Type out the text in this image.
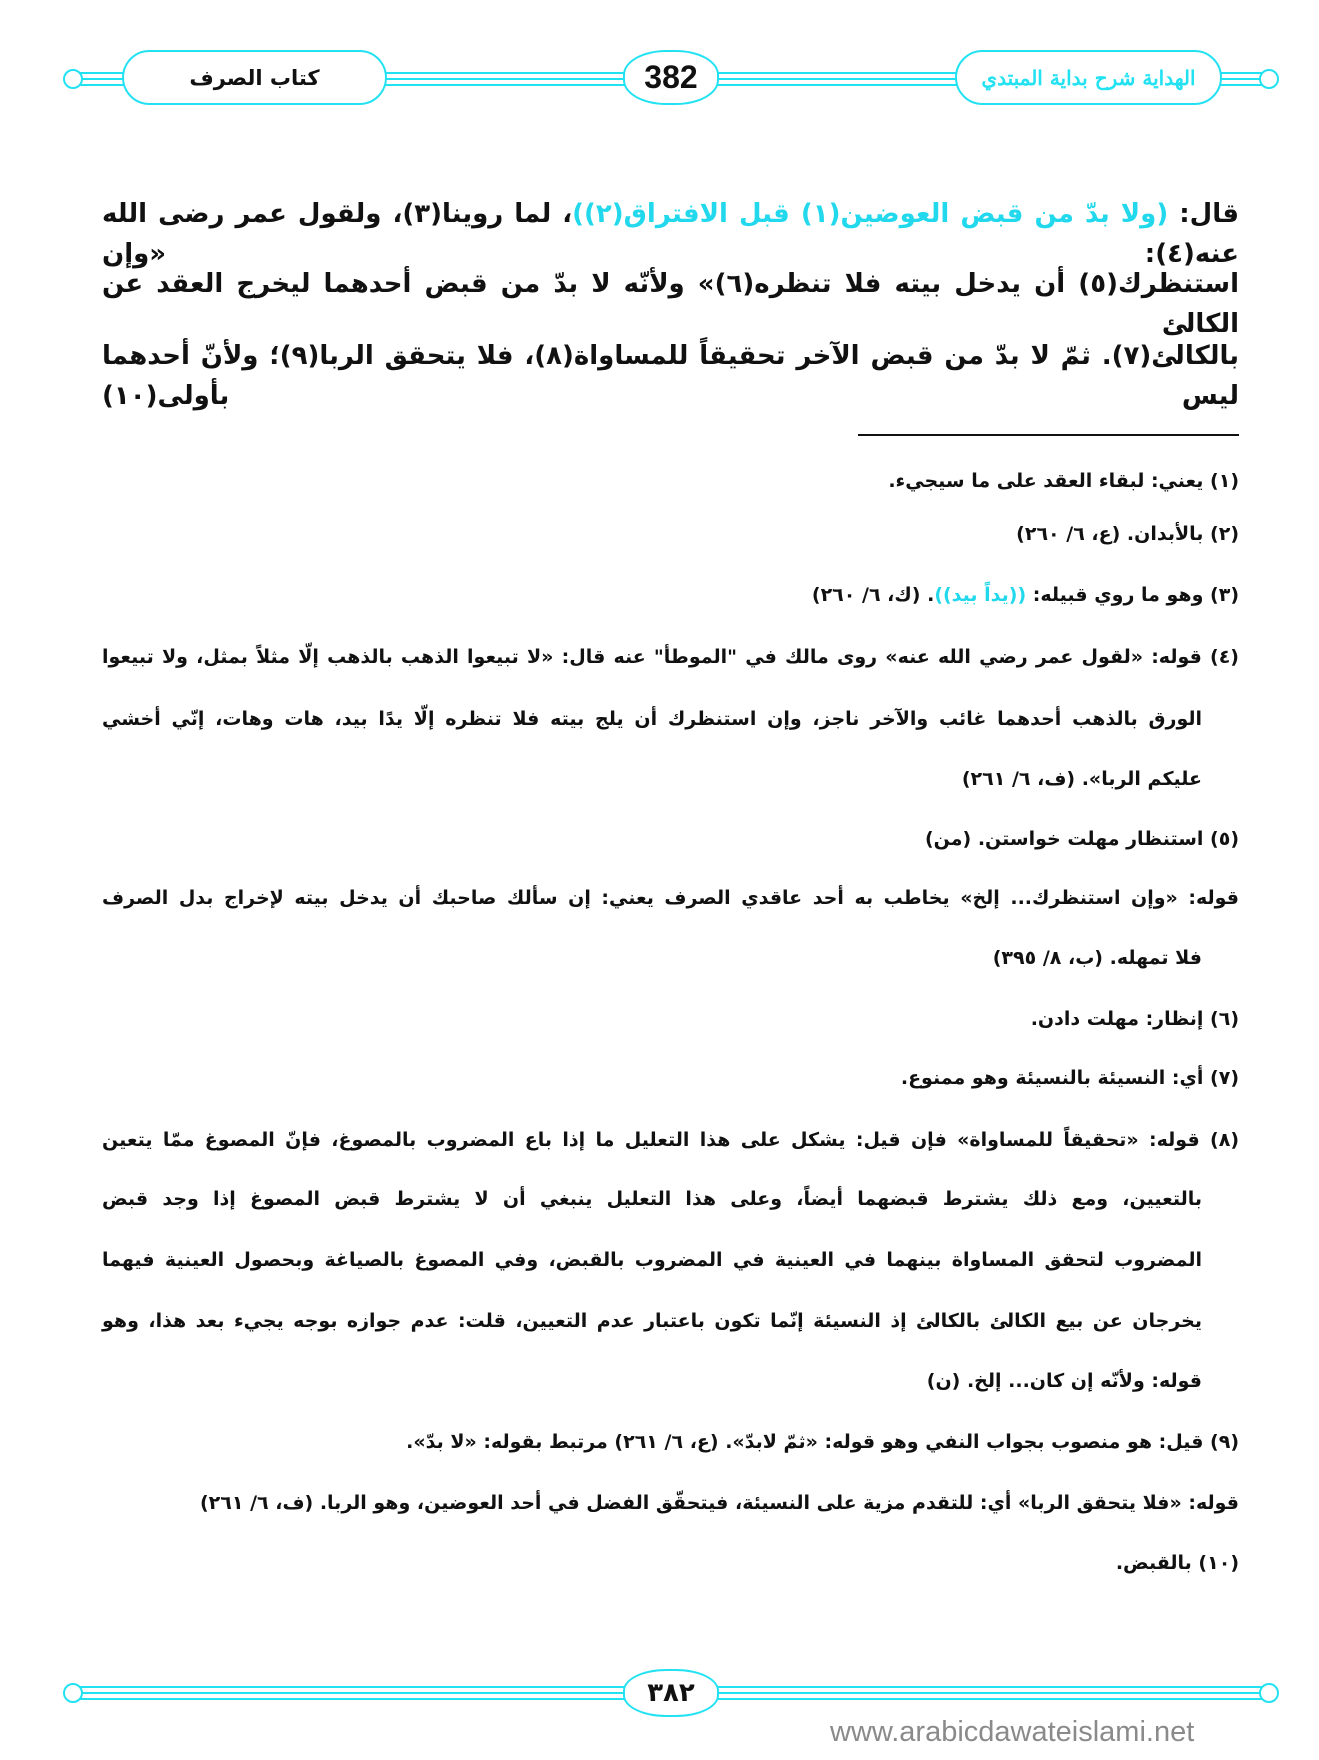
كتاب الصرف	382	الهداية شرح بداية المبتدي
قال: (ولا بدّ من قبض العوضين(١) قبل الافتراق(٢))، لما روينا(٣)، ولقول عمر رضى الله عنه(٤): «وإن
استنظرك(٥) أن يدخل بيته فلا تنظره(٦)» ولأنّه لا بدّ من قبض أحدهما ليخرج العقد عن الكالئ
بالكالئ(٧). ثمّ لا بدّ من قبض الآخر تحقيقاً للمساواة(٨)، فلا يتحقق الربا(٩)؛ ولأنّ أحدهما ليس بأولى(١٠)
(١) يعني: لبقاء العقد على ما سيجيء.
(٢) بالأبدان. (ع، ٦/ ٢٦٠)
(٣) وهو ما روي قبيله: ((يداً بيد)). (ك، ٦/ ٢٦٠)
(٤) قوله: «لقول عمر رضي الله عنه» روى مالك في "الموطأ" عنه قال: «لا تبيعوا الذهب بالذهب إلّا مثلاً بمثل، ولا تبيعوا
الورق بالذهب أحدهما غائب والآخر ناجز، وإن استنظرك أن يلج بيته فلا تنظره إلّا يدًا بيد، هات وهات، إنّي أخشي
عليكم الربا». (ف، ٦/ ٢٦١)
(٥) استنظار مهلت خواستن. (من)
قوله: «وإن استنظرك... إلخ» يخاطب به أحد عاقدي الصرف يعني: إن سألك صاحبك أن يدخل بيته لإخراج بدل الصرف
فلا تمهله. (ب، ٨/ ٣٩٥)
(٦) إنظار: مهلت دادن.
(٧) أي: النسيئة بالنسيئة وهو ممنوع.
(٨) قوله: «تحقيقاً للمساواة» فإن قيل: يشكل على هذا التعليل ما إذا باع المضروب بالمصوغ، فإنّ المصوغ ممّا يتعين
بالتعيين، ومع ذلك يشترط قبضهما أيضاً، وعلى هذا التعليل ينبغي أن لا يشترط قبض المصوغ إذا وجد قبض
المضروب لتحقق المساواة بينهما في العينية في المضروب بالقبض، وفي المصوغ بالصياغة وبحصول العينية فيهما
يخرجان عن بيع الكالئ بالكالئ إذ النسيئة إنّما تكون باعتبار عدم التعيين، قلت: عدم جوازه بوجه يجيء بعد هذا، وهو
قوله: ولأنّه إن كان... إلخ. (ن)
(٩) قيل: هو منصوب بجواب النفي وهو قوله: «ثمّ لابدّ». (ع، ٦/ ٢٦١) مرتبط بقوله: «لا بدّ».
قوله: «فلا يتحقق الربا» أي: للتقدم مزية على النسيئة، فيتحقّق الفضل في أحد العوضين، وهو الربا. (ف، ٦/ ٢٦١)
(١٠) بالقبض.
٣٨٢
www.arabicdawateislami.net
